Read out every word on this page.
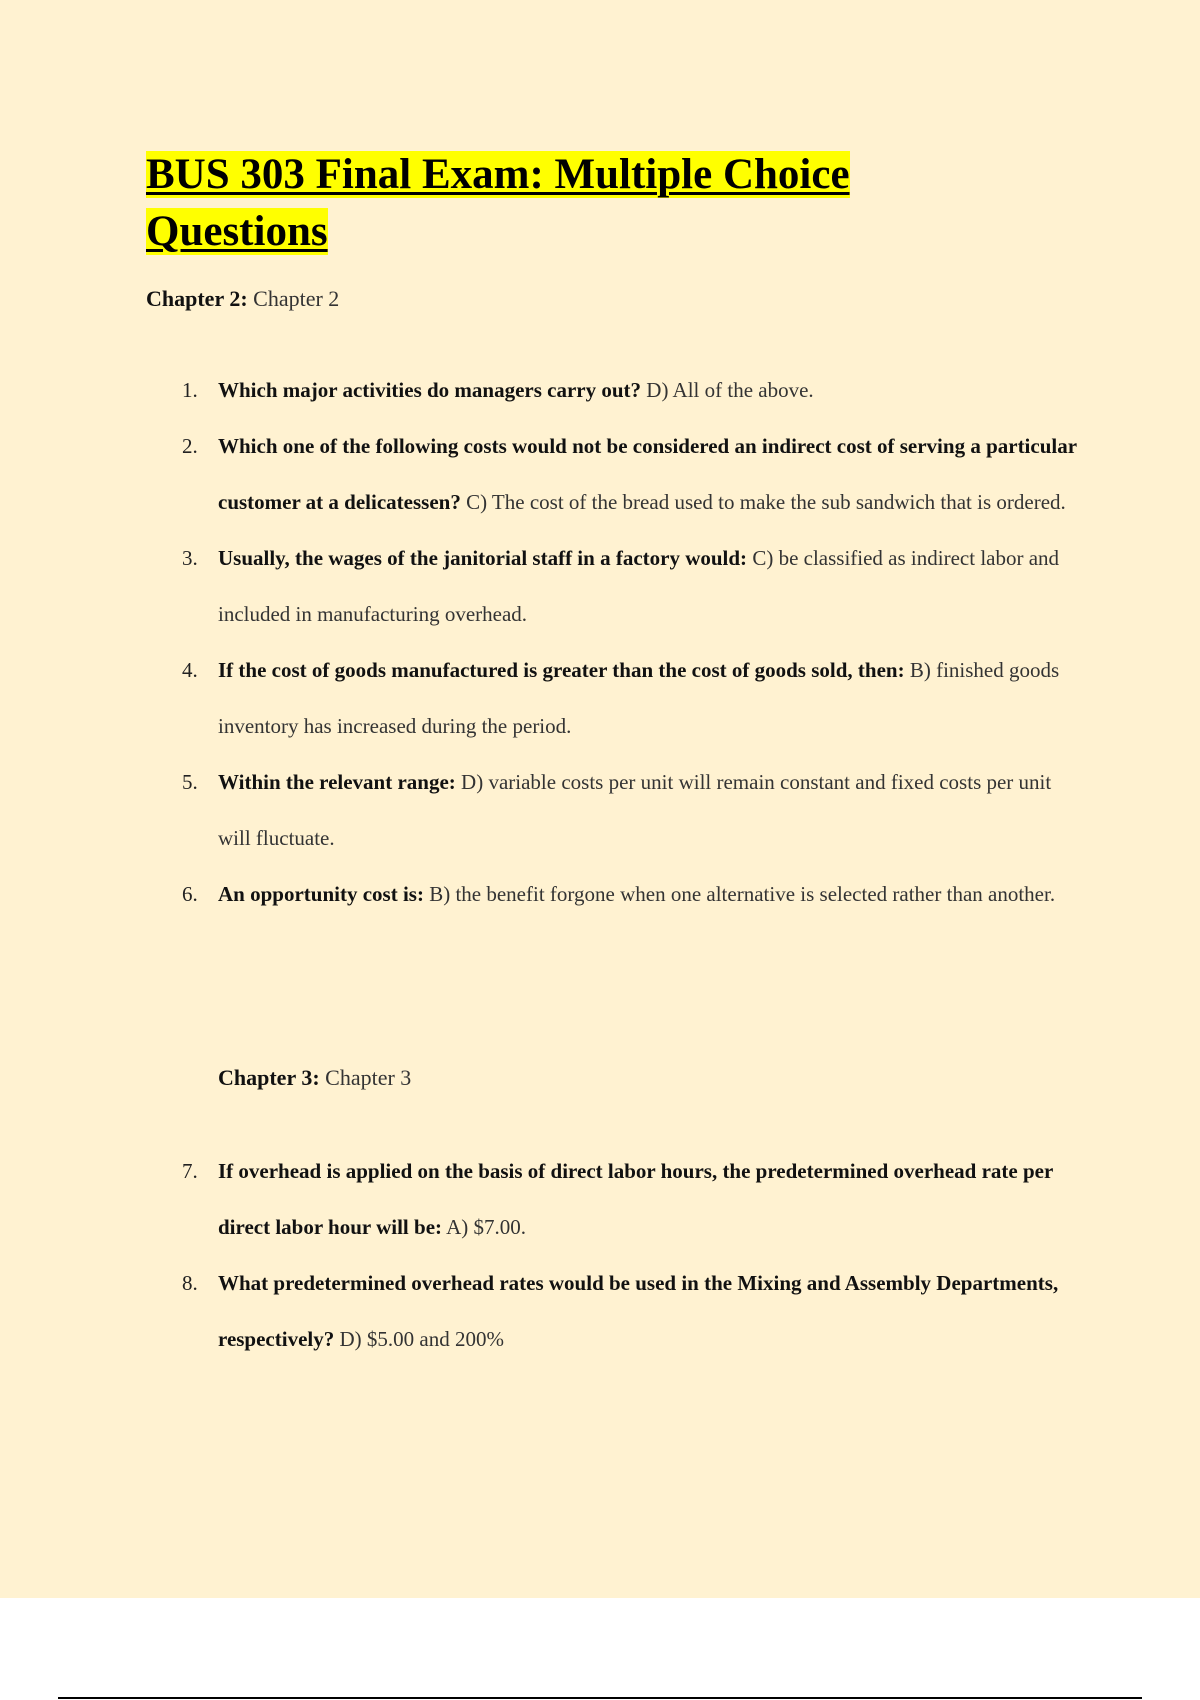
BUS 303 Final Exam: Multiple Choice Questions
Chapter 2: Chapter 2
1. Which major activities do managers carry out? D) All of the above.
2. Which one of the following costs would not be considered an indirect cost of serving a particular customer at a delicatessen? C) The cost of the bread used to make the sub sandwich that is ordered.
3. Usually, the wages of the janitorial staff in a factory would: C) be classified as indirect labor and included in manufacturing overhead.
4. If the cost of goods manufactured is greater than the cost of goods sold, then: B) finished goods inventory has increased during the period.
5. Within the relevant range: D) variable costs per unit will remain constant and fixed costs per unit will fluctuate.
6. An opportunity cost is: B) the benefit forgone when one alternative is selected rather than another.
Chapter 3: Chapter 3
7. If overhead is applied on the basis of direct labor hours, the predetermined overhead rate per direct labor hour will be: A) $7.00.
8. What predetermined overhead rates would be used in the Mixing and Assembly Departments, respectively? D) $5.00 and 200%
